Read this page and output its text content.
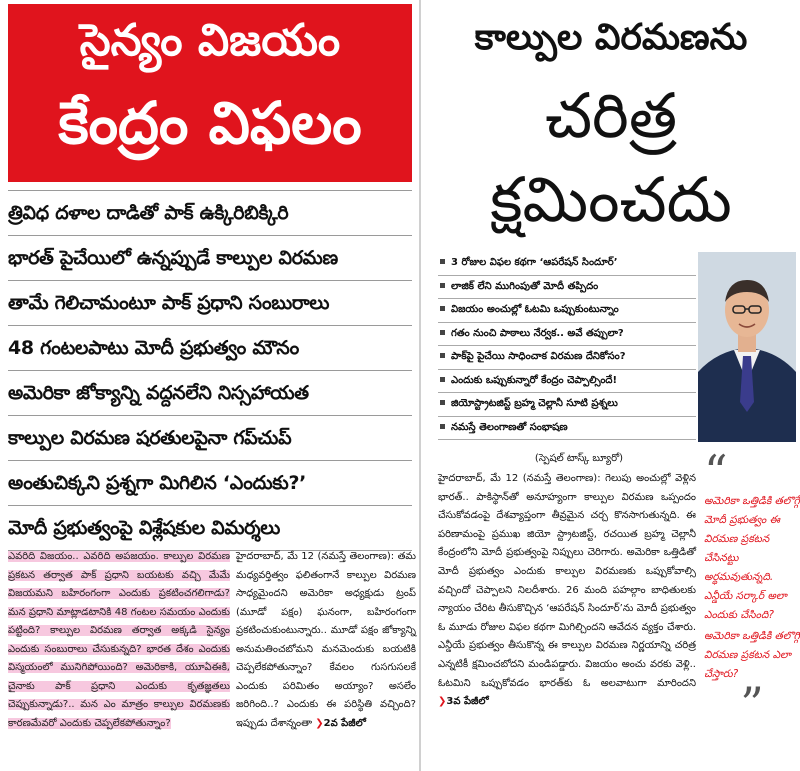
సైన్యం విజయం
కేంద్రం విఫలం
త్రివిధ దళాల దాడితో పాక్ ఉక్కిరిబిక్కిరి
భారత్ పైచేయిలో ఉన్నప్పుడే కాల్పుల విరమణ
తామే గెలిచామంటూ పాక్ ప్రధాని సంబురాలు
48 గంటలపాటు మోదీ ప్రభుత్వం మౌనం
అమెరికా జోక్యాన్ని వద్దనలేని నిస్సహాయత
కాల్పుల విరమణ షరతులపైనా గప్‌చుప్
అంతుచిక్కని ప్రశ్నగా మిగిలిన ‘ఎందుకు?’
మోదీ ప్రభుత్వంపై విశ్లేషకుల విమర్శలు
ఎవరిది విజయం.. ఎవరిది అపజయం. కాల్పుల విరమణ ప్రకటన తర్వాత పాక్ ప్రధాని బయటకు వచ్చి మేమే విజయమని బహిరంగంగా ఎందుకు ప్రకటించగలిగాడు? మన ప్రధాని మాట్లాడటానికి 48 గంటల సమయం ఎందుకు పట్టింది? కాల్పుల విరమణ తర్వాత అక్కడి సైన్యం ఎందుకు సంబురాలు చేసుకున్నది? భారత దేశం ఎందుకు విస్మయంలో మునిగిపోయింది? అమెరికాకి, యూఏఈకి, చైనాకు పాక్ ప్రధాని ఎందుకు కృతజ్ఞతలు చెప్పుకున్నాడు?.. మన ఎం మాత్రం కాల్పుల విరమణకు కారణమేవరో ఎందుకు చెప్పలేకపోతున్నాం?
హైదరాబాద్, మే 12 (నమస్తే తెలంగాణ): తమ మధ్యవర్తిత్వం ఫలితంగానే కాల్పుల విరమణ సాధ్యమైందని అమెరికా అధ్యక్షుడు ట్రంప్ (మూడో పక్షం) ఘనంగా, బహిరంగంగా ప్రకటించుకుంటున్నారు.. మూడో పక్షం జోక్యాన్ని అనుమతించబోమని మనమెందుకు బయటికి చెప్పలేకపోతున్నాం? కేవలం గుసగుసలకే ఎందుకు పరిమితం అయ్యాం? అసలేం జరిగింది..? ఎందుకు ఈ పరిస్థితి వచ్చింది? ఇప్పుడు దేశాన్నంతా ❯2వ పేజీలో
కాల్పుల విరమణను
చరిత్ర
క్షమించదు
3 రోజుల విఫల కథగా ‘ఆపరేషన్ సిందూర్’
లాజిక్ లేని ముగింపుతో మోదీ తప్పిదం
విజయం అంచుల్లో ఓటమి ఒప్పుకుంటున్నాం
గతం నుంచి పాఠాలు నేర్వక.. అవే తప్పులా?
పాక్‌పై పైచేయి సాధించాక విరమణ దేనికోసం?
ఎందుకు ఒప్పుకున్నారో కేంద్రం చెప్పాల్సిందే!
జియోస్ట్రాటజిస్ట్ బ్రహ్మ చెల్లానీ సూటి ప్రశ్నలు
నమస్తే తెలంగాణతో సంభాషణ
(స్పెషల్ టాస్క్ బ్యూరో)
హైదరాబాద్, మే 12 (నమస్తే తెలంగాణ): గెలుపు అంచుల్లో వెళ్లిన భారత్.. పాకిస్థాన్‌తో అనూహ్యంగా కాల్పుల విరమణ ఒప్పందం చేసుకోవడంపై దేశవ్యాప్తంగా తీవ్రమైన చర్చ కొనసాగుతున్నది. ఈ పరిణామంపై ప్రముఖ జియో స్ట్రాటజిస్ట్, రచయిత బ్రహ్మ చెల్లానీ కేంద్రంలోని మోదీ ప్రభుత్వంపై నిప్పులు చెరిగారు. అమెరికా ఒత్తిడితో మోదీ ప్రభుత్వం ఎందుకు కాల్పుల విరమణకు ఒప్పుకోవాల్సి వచ్చిందో చెప్పాలని నిలదీశారు. 26 మంది పహల్గాం బాధితులకు న్యాయం చేరిట తీసుకొచ్చిన ‘ఆపరేషన్ సిందూర్’ను మోదీ ప్రభుత్వం ఓ మూడు రోజుల విఫల కథగా మిగిల్చిందని ఆవేదన వ్యక్తం చేశారు. ఎన్డీయే ప్రభుత్వం తీసుకొన్న ఈ కాల్పుల విరమణ నిర్ణయాన్ని చరిత్ర ఎన్నటికీ క్షమించబోదని మండిపడ్డారు. విజయం అంచు వరకు వెళ్లి.. ఓటమిని ఒప్పుకోవడం భారత్‌కు ఓ అలవాటుగా మారిందని ❯3వ పేజీలో
“
అమెరికా ఒత్తిడికి తలొగ్గే మోదీ ప్రభుత్వం ఈ విరమణ ప్రకటన చేసినట్టు అర్థమవుతున్నది. ఎన్డీయే సర్కార్ అలా ఎందుకు చేసింది?
అమెరికా ఒత్తిడికి తలొగ్గి విరమణ ప్రకటన ఎలా చేస్తారు?
”
